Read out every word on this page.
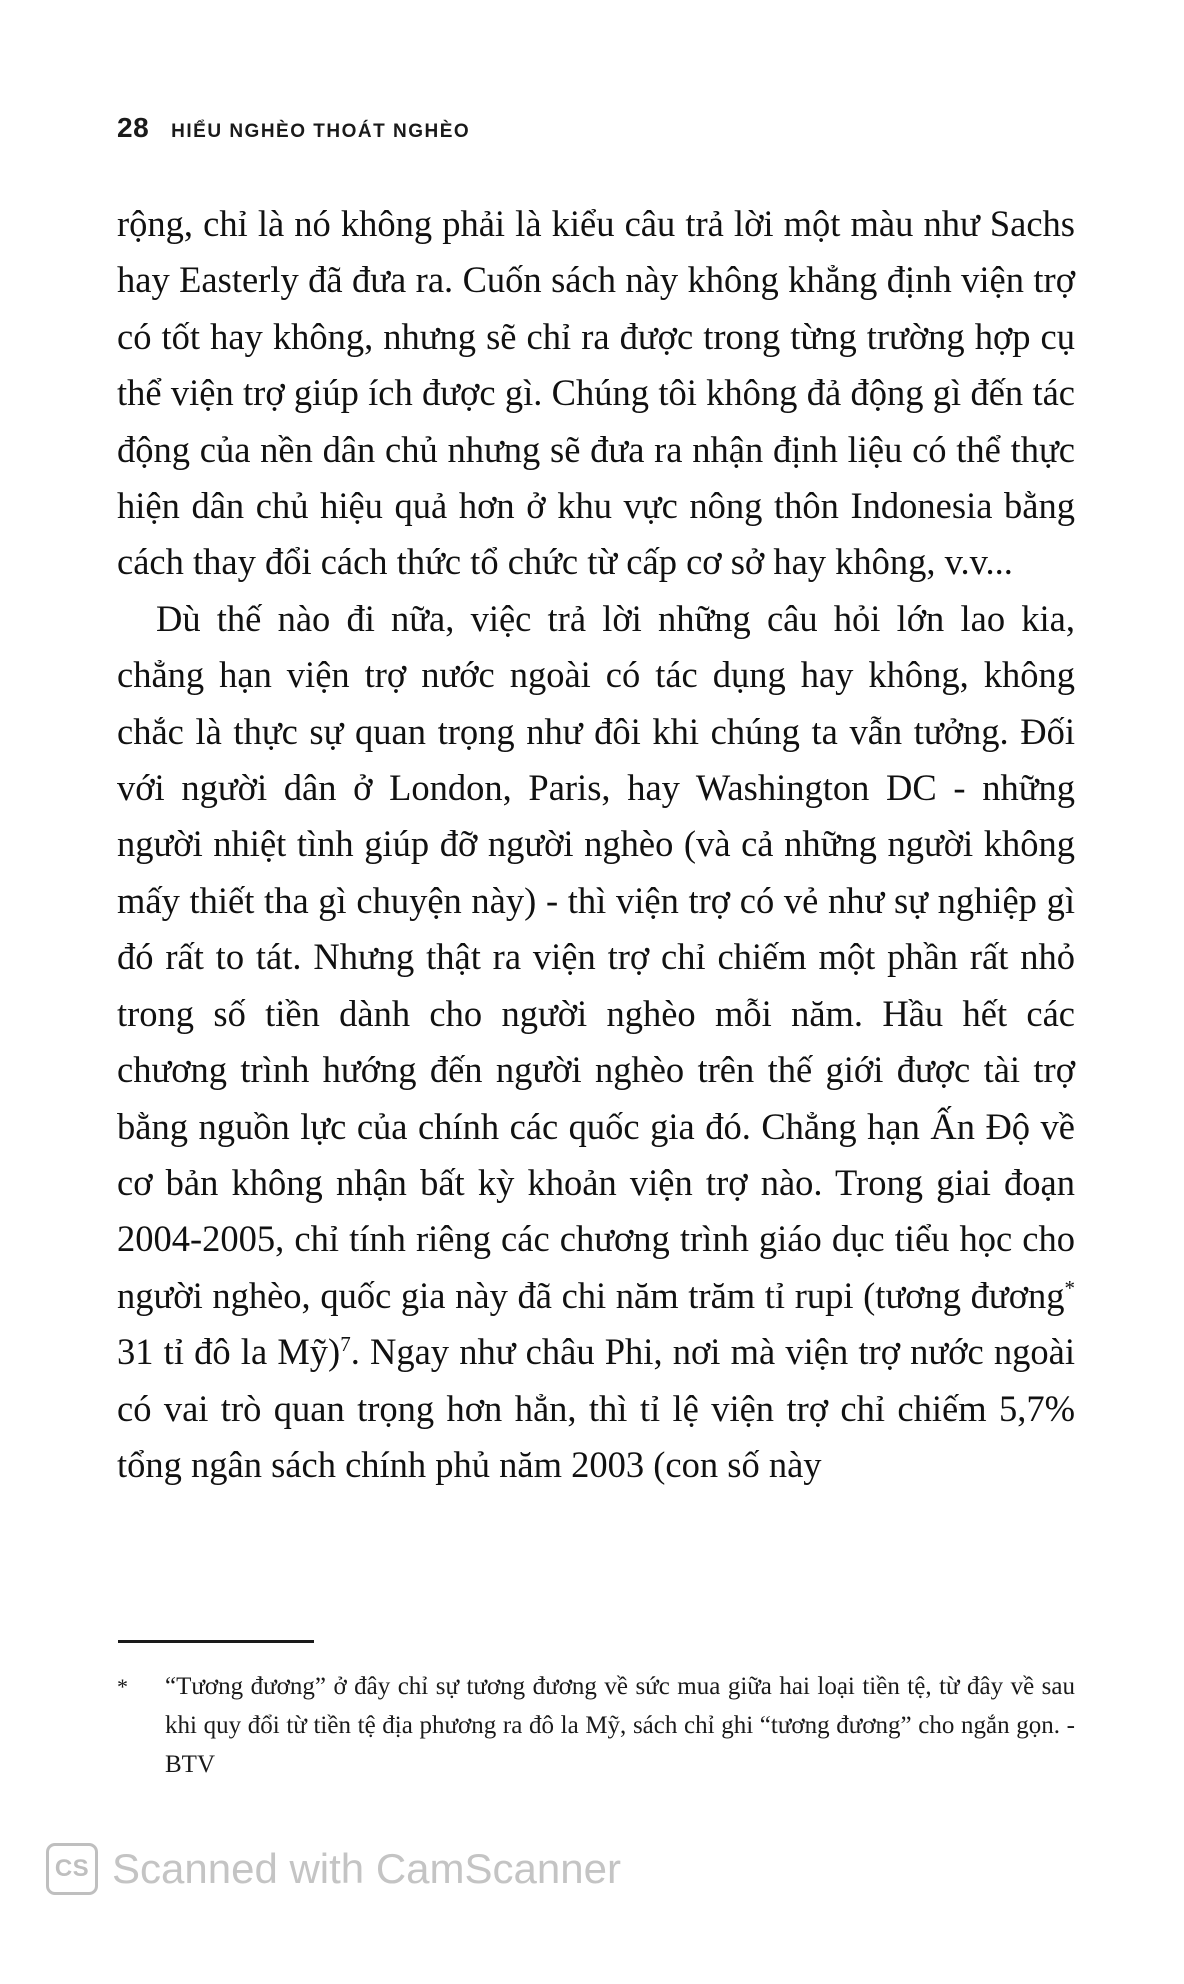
28 HIỂU NGHÈO THOÁT NGHÈO

rộng, chỉ là nó không phải là kiểu câu trả lời một màu như Sachs hay Easterly đã đưa ra. Cuốn sách này không khẳng định viện trợ có tốt hay không, nhưng sẽ chỉ ra được trong từng trường hợp cụ thể viện trợ giúp ích được gì. Chúng tôi không đả động gì đến tác động của nền dân chủ nhưng sẽ đưa ra nhận định liệu có thể thực hiện dân chủ hiệu quả hơn ở khu vực nông thôn Indonesia bằng cách thay đổi cách thức tổ chức từ cấp cơ sở hay không, v.v...

Dù thế nào đi nữa, việc trả lời những câu hỏi lớn lao kia, chẳng hạn viện trợ nước ngoài có tác dụng hay không, không chắc là thực sự quan trọng như đôi khi chúng ta vẫn tưởng. Đối với người dân ở London, Paris, hay Washington DC - những người nhiệt tình giúp đỡ người nghèo (và cả những người không mấy thiết tha gì chuyện này) - thì viện trợ có vẻ như sự nghiệp gì đó rất to tát. Nhưng thật ra viện trợ chỉ chiếm một phần rất nhỏ trong số tiền dành cho người nghèo mỗi năm. Hầu hết các chương trình hướng đến người nghèo trên thế giới được tài trợ bằng nguồn lực của chính các quốc gia đó. Chẳng hạn Ấn Độ về cơ bản không nhận bất kỳ khoản viện trợ nào. Trong giai đoạn 2004-2005, chỉ tính riêng các chương trình giáo dục tiểu học cho người nghèo, quốc gia này đã chi năm trăm tỉ rupi (tương đương* 31 tỉ đô la Mỹ)$^7$. Ngay như châu Phi, nơi mà viện trợ nước ngoài có vai trò quan trọng hơn hẳn, thì tỉ lệ viện trợ chỉ chiếm 5,7% tổng ngân sách chính phủ năm 2003 (con số này

*	“Tương đương” ở đây chỉ sự tương đương về sức mua giữa hai loại tiền tệ, từ đây về sau khi quy đổi từ tiền tệ địa phương ra đô la Mỹ, sách chỉ ghi “tương đương” cho ngắn gọn. - BTV
CS Scanned with CamScanner
